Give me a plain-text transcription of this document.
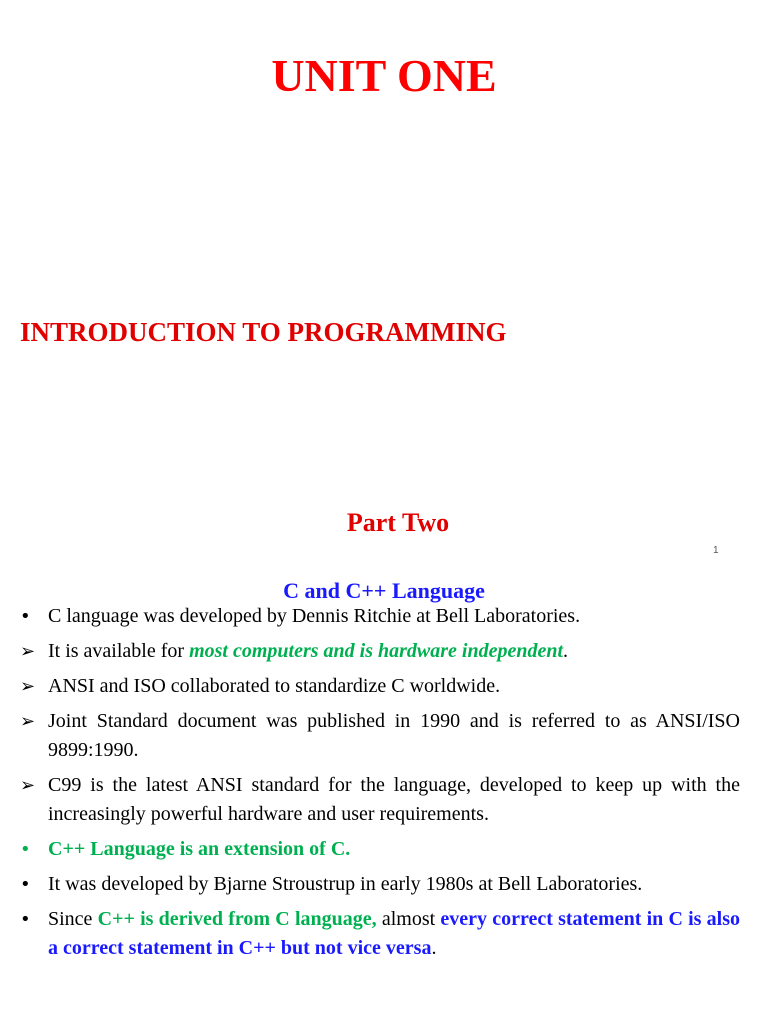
UNIT ONE
INTRODUCTION TO PROGRAMMING
Part Two
1
C and C++ Language
• C language was developed by Dennis Ritchie at Bell Laboratories.
➢ It is available for most computers and is hardware independent.
➢ ANSI and ISO collaborated to standardize C worldwide.
➢ Joint Standard document was published in 1990 and is referred to as ANSI/ISO 9899:1990.
➢ C99 is the latest ANSI standard for the language, developed to keep up with the increasingly powerful hardware and user requirements.
• C++ Language is an extension of C.
• It was developed by Bjarne Stroustrup in early 1980s at Bell Laboratories.
• Since C++ is derived from C language, almost every correct statement in C is also a correct statement in C++ but not vice versa.
